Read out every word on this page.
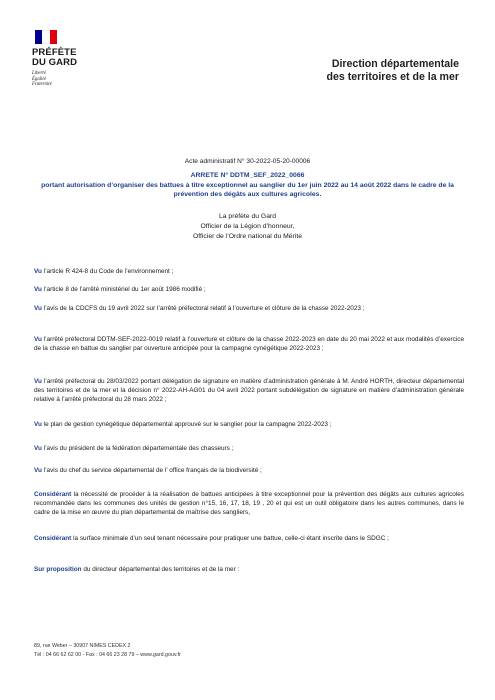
PRÉFÈTE
DU GARD
Liberté
Égalité
Fraternité
Direction départementale
des territoires et de la mer
Acte administratif N° 30-2022-05-20-00006
ARRETE N° DDTM_SEF_2022_0066
portant autorisation d’organiser des battues à titre exceptionnel au sanglier du 1er juin 2022 au 14 août 2022 dans le cadre de la prévention des dégâts aux cultures agricoles.
La préfète du Gard
Officier de la Légion d’honneur,
Officier de l’Ordre national du Mérite
Vu l’article R 424-8 du Code de l’environnement ;
Vu l’article 8 de l’arrêté ministériel du 1er août 1986 modifié ;
Vu l’avis de la CDCFS du 19 avril 2022 sur l’arrêté préfectoral relatif à l’ouverture et clôture de la chasse 2022-2023 ;
Vu l’arrêté préfectoral DDTM-SEF-2022-0019 relatif à l’ouverture et clôture de la chasse 2022-2023 en date du 20 mai 2022 et aux modalités d’exercice de la chasse en battue du sanglier par ouverture anticipée pour la campagne cynégétique 2022-2023 ;
Vu l’arrêté préfectoral du 28/03/2022 portant délégation de signature en matière d’administration générale à M. André HORTH, directeur départemental des territoires et de la mer et la décision n° 2022-AH-AG01 du 04 avril 2022 portant subdélégation de signature en matière d’administration générale relative à l’arrêté préfectoral du 28 mars 2022 ;
Vu le plan de gestion cynégétique départemental approuvé sur le sanglier pour la campagne 2022-2023 ;
Vu l’avis du président de la fédération départementale des chasseurs ;
Vu l’avis du chef du service départemental de l’ office français de la biodiversité ;
Considérant la nécessité de procéder à la réalisation de battues anticipées à titre exceptionnel pour la prévention des dégâts aux cultures agricoles recommandée dans les communes des unités de gestion n°15, 16, 17, 18, 19 , 20 et qui est un outil obligatoire dans les autres communes, dans le cadre de la mise en œuvre du plan départemental de maîtrise des sangliers,
Considérant la surface minimale d’un seul tenant nécessaire pour pratiquer une battue, celle-ci étant inscrite dans le SDGC ;
Sur proposition du directeur départemental des territoires et de la mer :
89, rue Weber – 30907 NIMES CEDEX 2
Tél : 04 66 62 62 00 - Fax : 04 66 23 28 79 – www.gard.gouv.fr
